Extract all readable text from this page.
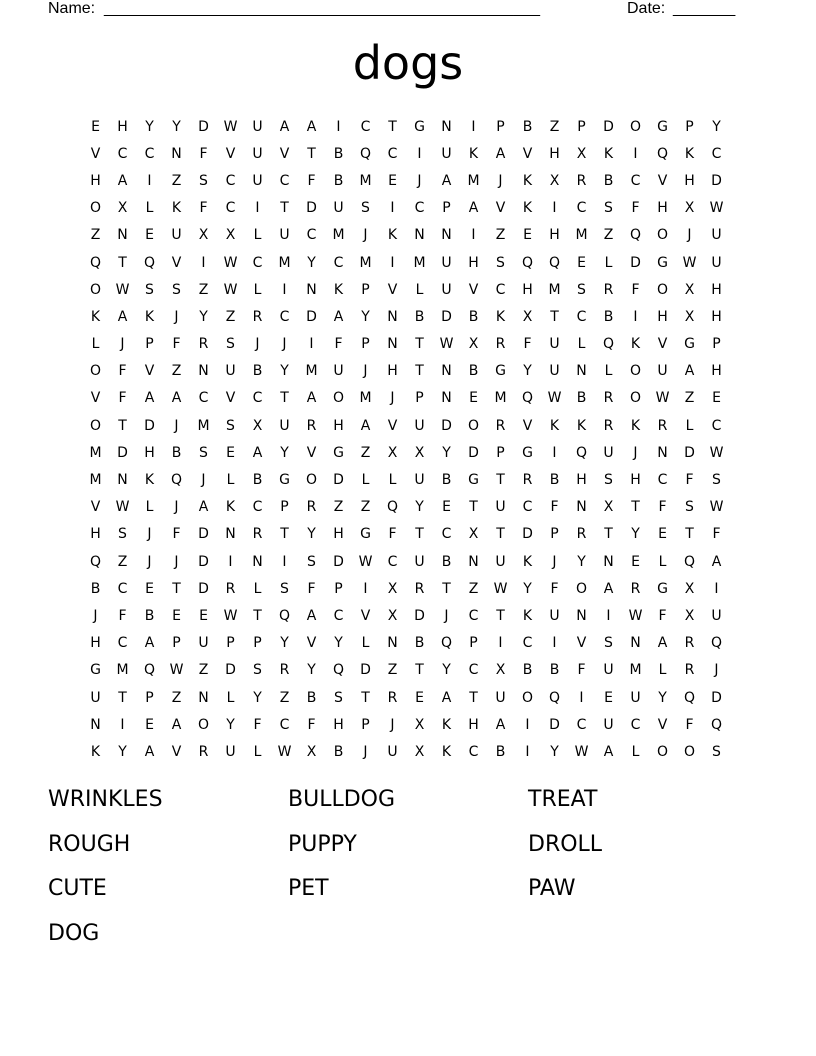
Name: _________________________________________________	Date: _______
dogs
E	H	Y	Y	D	W	U	A	A	I	C	T	G	N	I	P	B	Z	P	D	O	G	P	Y
V	C	C	N	F	V	U	V	T	B	Q	C	I	U	K	A	V	H	X	K	I	Q	K	C
H	A	I	Z	S	C	U	C	F	B	M	E	J	A	M	J	K	X	R	B	C	V	H	D
O	X	L	K	F	C	I	T	D	U	S	I	C	P	A	V	K	I	C	S	F	H	X	W
Z	N	E	U	X	X	L	U	C	M	J	K	N	N	I	Z	E	H	M	Z	Q	O	J	U
Q	T	Q	V	I	W	C	M	Y	C	M	I	M	U	H	S	Q	Q	E	L	D	G	W	U
O	W	S	S	Z	W	L	I	N	K	P	V	L	U	V	C	H	M	S	R	F	O	X	H
K	A	K	J	Y	Z	R	C	D	A	Y	N	B	D	B	K	X	T	C	B	I	H	X	H
L	J	P	F	R	S	J	J	I	F	P	N	T	W	X	R	F	U	L	Q	K	V	G	P
O	F	V	Z	N	U	B	Y	M	U	J	H	T	N	B	G	Y	U	N	L	O	U	A	H
V	F	A	A	C	V	C	T	A	O	M	J	P	N	E	M	Q	W	B	R	O	W	Z	E
O	T	D	J	M	S	X	U	R	H	A	V	U	D	O	R	V	K	K	R	K	R	L	C
M	D	H	B	S	E	A	Y	V	G	Z	X	X	Y	D	P	G	I	Q	U	J	N	D	W
M	N	K	Q	J	L	B	G	O	D	L	L	U	B	G	T	R	B	H	S	H	C	F	S
V	W	L	J	A	K	C	P	R	Z	Z	Q	Y	E	T	U	C	F	N	X	T	F	S	W
H	S	J	F	D	N	R	T	Y	H	G	F	T	C	X	T	D	P	R	T	Y	E	T	F
Q	Z	J	J	D	I	N	I	S	D	W	C	U	B	N	U	K	J	Y	N	E	L	Q	A
B	C	E	T	D	R	L	S	F	P	I	X	R	T	Z	W	Y	F	O	A	R	G	X	I
J	F	B	E	E	W	T	Q	A	C	V	X	D	J	C	T	K	U	N	I	W	F	X	U
H	C	A	P	U	P	P	Y	V	Y	L	N	B	Q	P	I	C	I	V	S	N	A	R	Q
G	M	Q	W	Z	D	S	R	Y	Q	D	Z	T	Y	C	X	B	B	F	U	M	L	R	J
U	T	P	Z	N	L	Y	Z	B	S	T	R	E	A	T	U	O	Q	I	E	U	Y	Q	D
N	I	E	A	O	Y	F	C	F	H	P	J	X	K	H	A	I	D	C	U	C	V	F	Q
K	Y	A	V	R	U	L	W	X	B	J	U	X	K	C	B	I	Y	W	A	L	O	O	S
WRINKLES	BULLDOG	TREAT
ROUGH	PUPPY	DROLL
CUTE	PET	PAW
DOG
